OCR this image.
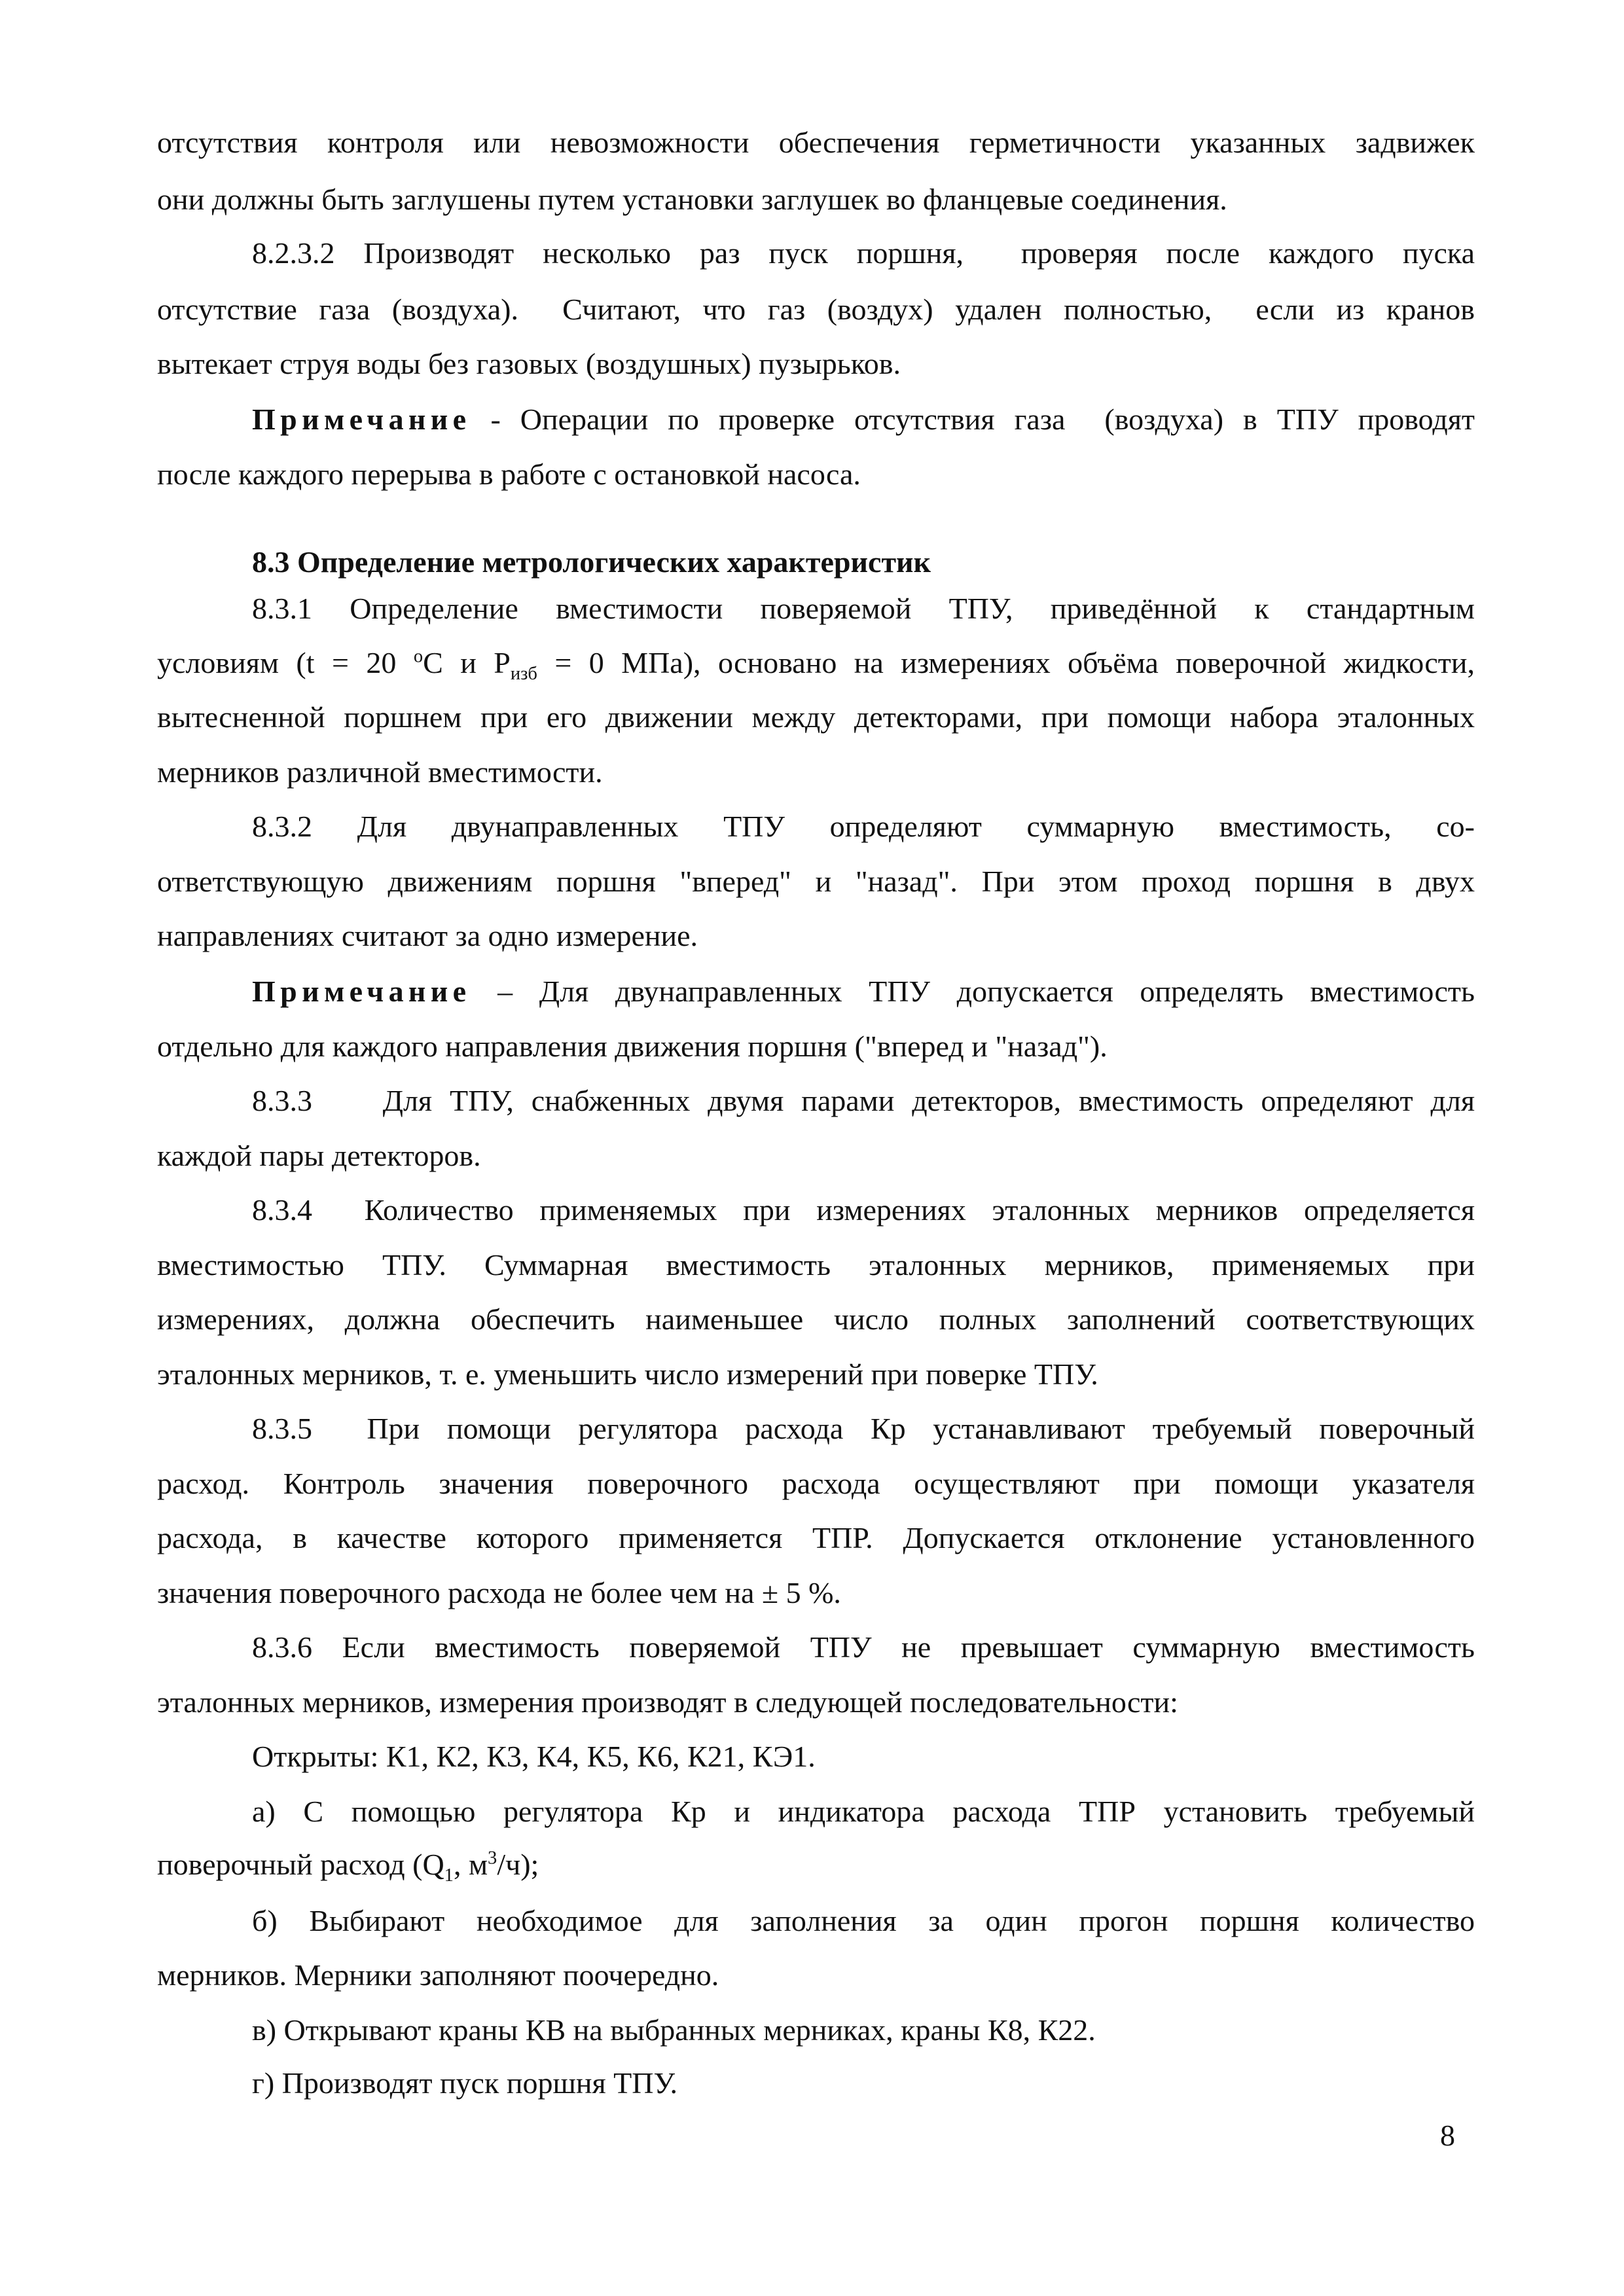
отсутствия контроля или невозможности обеспечения герметичности указанных задвижек
они должны быть заглушены путем установки заглушек во фланцевые соединения.
8.2.3.2 Производят несколько раз пуск поршня,  проверяя после каждого пуска
отсутствие газа (воздуха).  Считают, что газ (воздух) удален полностью,  если из кранов
вытекает струя воды без газовых (воздушных) пузырьков.
Примечание - Операции по проверке отсутствия газа  (воздуха) в ТПУ проводят
после каждого перерыва в работе с остановкой насоса.
8.3 Определение метрологических характеристик
8.3.1 Определение вместимости поверяемой ТПУ, приведённой к стандартным
условиям (t = 20 $^o$C и $P_{изб} = 0$ МПа), основано на измерениях объёма поверочной жидкости,
вытесненной поршнем при его движении между детекторами, при помощи набора эталонных
мерников различной вместимости.
8.3.2  Для  двунаправленных  ТПУ  определяют  суммарную  вместимость,  со-
ответствующую движениям поршня "вперед" и "назад". При этом проход поршня в двух
направлениях считают за одно измерение.
Примечание – Для двунаправленных ТПУ допускается определять вместимость
отдельно для каждого направления движения поршня ("вперед и "назад").
8.3.3    Для ТПУ, снабженных двумя парами детекторов, вместимость определяют для
каждой пары детекторов.
8.3.4  Количество применяемых при измерениях эталонных мерников определяется
вместимостью ТПУ. Суммарная вместимость эталонных мерников, применяемых при
измерениях, должна обеспечить наименьшее число полных заполнений соответствующих
эталонных мерников, т. е. уменьшить число измерений при поверке ТПУ.
8.3.5  При помощи регулятора расхода Кр устанавливают требуемый поверочный
расход. Контроль значения поверочного расхода осуществляют при помощи указателя
расхода, в качестве которого применяется ТПР. Допускается отклонение установленного
значения поверочного расхода не более чем на ± 5 %.
8.3.6 Если вместимость поверяемой ТПУ не превышает суммарную вместимость
эталонных мерников, измерения производят в следующей последовательности:
Открыты: К1, К2, К3, К4, К5, К6, К21, КЭ1.
а) С помощью регулятора Кр и индикатора расхода ТПР установить требуемый
поверочный расход ($Q_1$, $м^3/ч$);
б) Выбирают необходимое для заполнения за один прогон поршня количество
мерников. Мерники заполняют поочередно.
в) Открывают краны КВ на выбранных мерниках, краны К8, К22.
г) Производят пуск поршня ТПУ.
8
